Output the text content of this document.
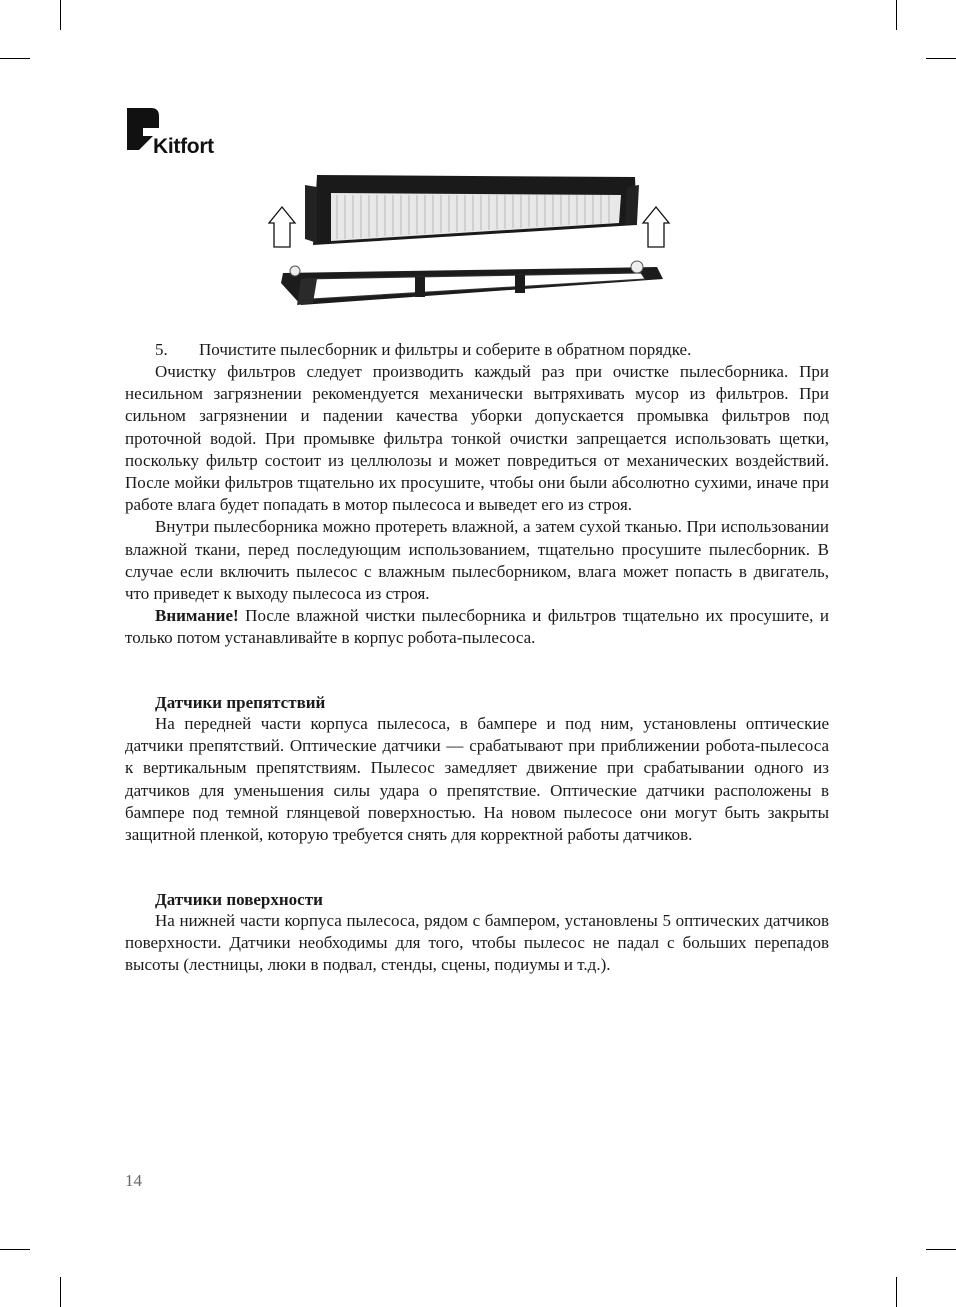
Kitfort
5. Почистите пылесборник и фильтры и соберите в обратном порядке.

Очистку фильтров следует производить каждый раз при очистке пылесборника. При несильном загрязнении рекомендуется механически вытряхивать мусор из фильтров. При сильном загрязнении и падении качества уборки допускается промывка фильтров под проточной водой. При промывке фильтра тонкой очистки запрещается использовать щетки, поскольку фильтр состоит из целлюлозы и может повредиться от механических воздействий. После мойки фильтров тщательно их просушите, чтобы они были абсолютно сухими, иначе при работе влага будет попадать в мотор пылесоса и выведет его из строя.

Внутри пылесборника можно протереть влажной, а затем сухой тканью. При использовании влажной ткани, перед последующим использованием, тщательно просушите пылесборник. В случае если включить пылесос с влажным пылесборником, влага может попасть в двигатель, что приведет к выходу пылесоса из строя.

Внимание! После влажной чистки пылесборника и фильтров тщательно их просушите, и только потом устанавливайте в корпус робота-пылесоса.

Датчики препятствий

На передней части корпуса пылесоса, в бампере и под ним, установлены оптические датчики препятствий. Оптические датчики — срабатывают при приближении робота-пылесоса к вертикальным препятствиям. Пылесос замедляет движение при срабатывании одного из датчиков для уменьшения силы удара о препятствие. Оптические датчики расположены в бампере под темной глянцевой поверхностью. На новом пылесосе они могут быть закрыты защитной пленкой, которую требуется снять для корректной работы датчиков.

Датчики поверхности

На нижней части корпуса пылесоса, рядом с бампером, установлены 5 оптических датчиков поверхности. Датчики необходимы для того, чтобы пылесос не падал с больших перепадов высоты (лестницы, люки в подвал, стенды, сцены, подиумы и т.д.).

14
